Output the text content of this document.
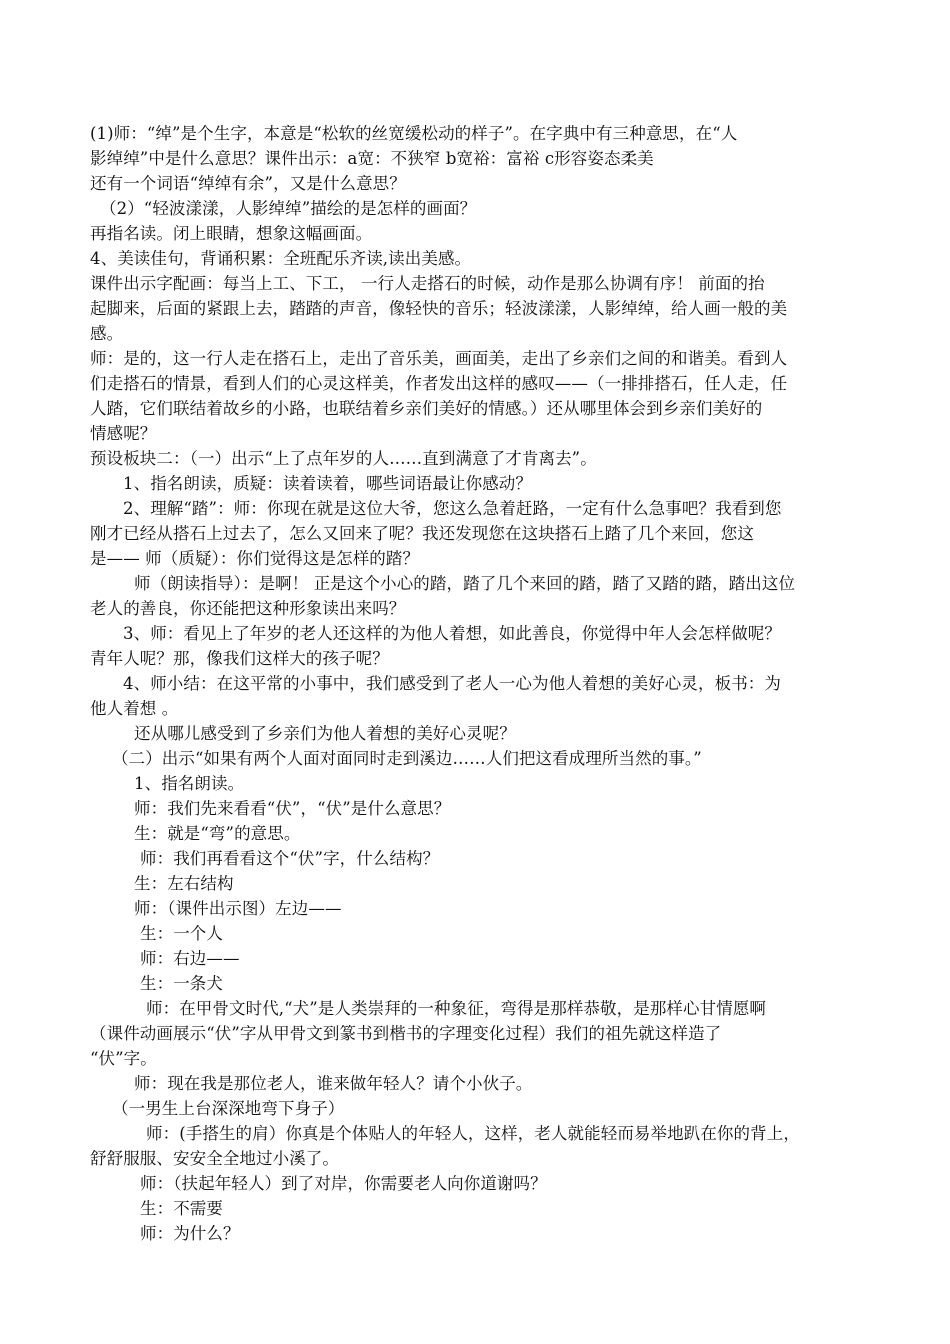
(1)师：“绰”是个生字，本意是“松软的丝宽缓松动的样子”。在字典中有三种意思，在“人
影绰绰”中是什么意思？课件出示：a宽：不狭窄 b宽裕：富裕 c形容姿态柔美
还有一个词语“绰绰有余”，又是什么意思？
（2）“轻波漾漾，人影绰绰”描绘的是怎样的画面？
再指名读。闭上眼睛，想象这幅画面。
4、美读佳句，背诵积累：全班配乐齐读,读出美感。
课件出示字配画：每当上工、下工， 一行人走搭石的时候，动作是那么协调有序！ 前面的抬
起脚来，后面的紧跟上去，踏踏的声音，像轻快的音乐；轻波漾漾，人影绰绰，给人画一般的美
感。
师：是的，这一行人走在搭石上，走出了音乐美，画面美，走出了乡亲们之间的和谐美。看到人
们走搭石的情景，看到人们的心灵这样美，作者发出这样的感叹——（一排排搭石，任人走，任
人踏，它们联结着故乡的小路，也联结着乡亲们美好的情感。）还从哪里体会到乡亲们美好的
情感呢？
预设板块二：（一）出示“上了点年岁的人……直到满意了才肯离去”。
1、指名朗读，质疑：读着读着，哪些词语最让你感动？
2、理解“踏”：师：你现在就是这位大爷，您这么急着赶路，一定有什么急事吧？我看到您
刚才已经从搭石上过去了，怎么又回来了呢？我还发现您在这块搭石上踏了几个来回，您这
是—— 师（质疑）：你们觉得这是怎样的踏？
师（朗读指导）：是啊！ 正是这个小心的踏，踏了几个来回的踏，踏了又踏的踏，踏出这位
老人的善良，你还能把这种形象读出来吗？
3、师：看见上了年岁的老人还这样的为他人着想，如此善良，你觉得中年人会怎样做呢？
青年人呢？那，像我们这样大的孩子呢？
4、师小结：在这平常的小事中，我们感受到了老人一心为他人着想的美好心灵，板书：为
他人着想 。
还从哪儿感受到了乡亲们为他人着想的美好心灵呢？
（二）出示“如果有两个人面对面同时走到溪边……人们把这看成理所当然的事。”
1、指名朗读。
师：我们先来看看“伏”，“伏”是什么意思？
生：就是“弯”的意思。
师：我们再看看这个“伏”字，什么结构？
生：左右结构
师：（课件出示图）左边——
生：一个人
师：右边——
生：一条犬
师：在甲骨文时代,“犬”是人类崇拜的一种象征，弯得是那样恭敬，是那样心甘情愿啊
（课件动画展示“伏”字从甲骨文到篆书到楷书的字理变化过程）我们的祖先就这样造了
“伏”字。
师：现在我是那位老人，谁来做年轻人？请个小伙子。
（一男生上台深深地弯下身子）
师：(手搭生的肩）你真是个体贴人的年轻人，这样，老人就能轻而易举地趴在你的背上，
舒舒服服、安安全全地过小溪了。
师：（扶起年轻人）到了对岸，你需要老人向你道谢吗？
生：不需要
师：为什么？
